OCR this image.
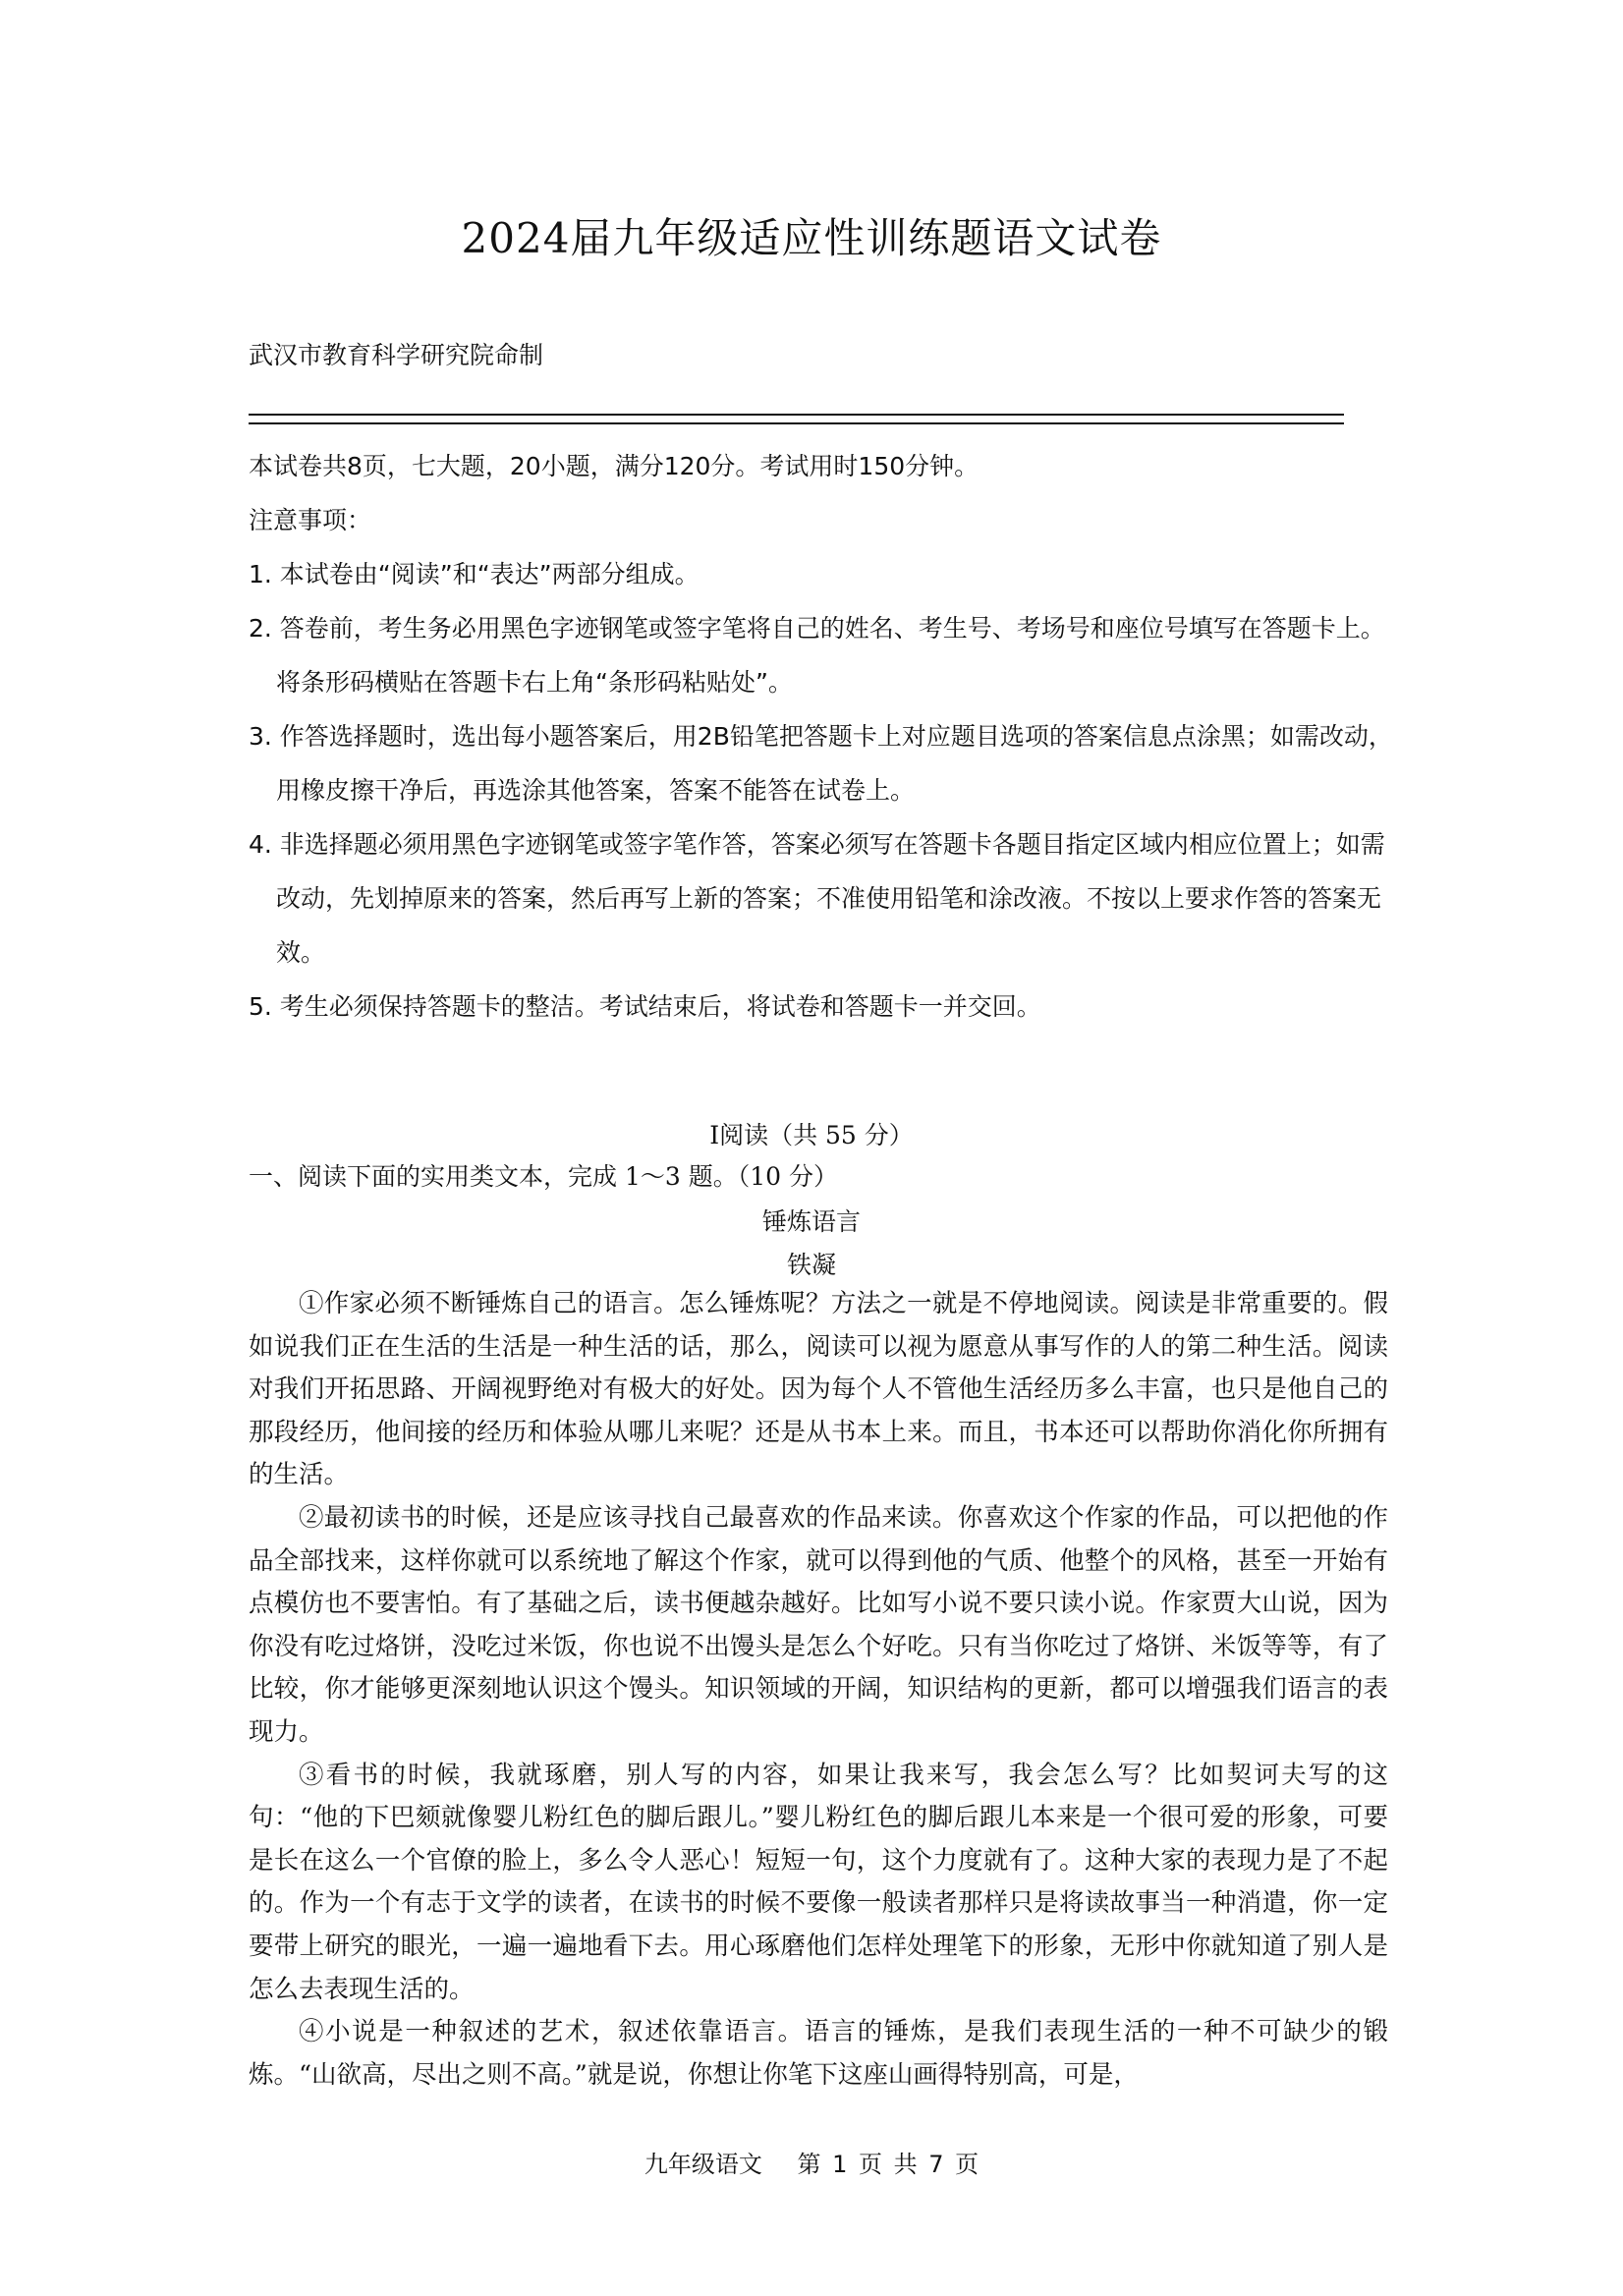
2024届九年级适应性训练题语文试卷
武汉市教育科学研究院命制

本试卷共8页，七大题，20小题，满分120分。考试用时150分钟。

注意事项：

1. 本试卷由“阅读”和“表达”两部分组成。

2. 答卷前，考生务必用黑色字迹钢笔或签字笔将自己的姓名、考生号、考场号和座位号填写在答题卡上。将条形码横贴在答题卡右上角“条形码粘贴处”。

3. 作答选择题时，选出每小题答案后，用2B铅笔把答题卡上对应题目选项的答案信息点涂黑；如需改动，用橡皮擦干净后，再选涂其他答案，答案不能答在试卷上。

4. 非选择题必须用黑色字迹钢笔或签字笔作答，答案必须写在答题卡各题目指定区域内相应位置上；如需改动，先划掉原来的答案，然后再写上新的答案；不准使用铅笔和涂改液。不按以上要求作答的答案无效。

5. 考生必须保持答题卡的整洁。考试结束后，将试卷和答题卡一并交回。

Ⅰ阅读（共 55 分）
一、阅读下面的实用类文本，完成 1～3 题。（10 分）
锤炼语言
铁凝

①作家必须不断锤炼自己的语言。怎么锤炼呢？方法之一就是不停地阅读。阅读是非常重要的。假如说我们正在生活的生活是一种生活的话，那么，阅读可以视为愿意从事写作的人的第二种生活。阅读对我们开拓思路、开阔视野绝对有极大的好处。因为每个人不管他生活经历多么丰富，也只是他自己的那段经历，他间接的经历和体验从哪儿来呢？还是从书本上来。而且，书本还可以帮助你消化你所拥有的生活。

②最初读书的时候，还是应该寻找自己最喜欢的作品来读。你喜欢这个作家的作品，可以把他的作品全部找来，这样你就可以系统地了解这个作家，就可以得到他的气质、他整个的风格，甚至一开始有点模仿也不要害怕。有了基础之后，读书便越杂越好。比如写小说不要只读小说。作家贾大山说，因为你没有吃过烙饼，没吃过米饭，你也说不出馒头是怎么个好吃。只有当你吃过了烙饼、米饭等等，有了比较，你才能够更深刻地认识这个馒头。知识领域的开阔，知识结构的更新，都可以增强我们语言的表现力。

③看书的时候，我就琢磨，别人写的内容，如果让我来写，我会怎么写？比如契诃夫写的这句：“他的下巴颏就像婴儿粉红色的脚后跟儿。”婴儿粉红色的脚后跟儿本来是一个很可爱的形象，可要是长在这么一个官僚的脸上，多么令人恶心！短短一句，这个力度就有了。这种大家的表现力是了不起的。作为一个有志于文学的读者，在读书的时候不要像一般读者那样只是将读故事当一种消遣，你一定要带上研究的眼光，一遍一遍地看下去。用心琢磨他们怎样处理笔下的形象，无形中你就知道了别人是怎么去表现生活的。

④小说是一种叙述的艺术，叙述依靠语言。语言的锤炼，是我们表现生活的一种不可缺少的锻炼。“山欲高，尽出之则不高。”就是说，你想让你笔下这座山画得特别高，可是，

九年级语文　 第 1 页 共 7 页
